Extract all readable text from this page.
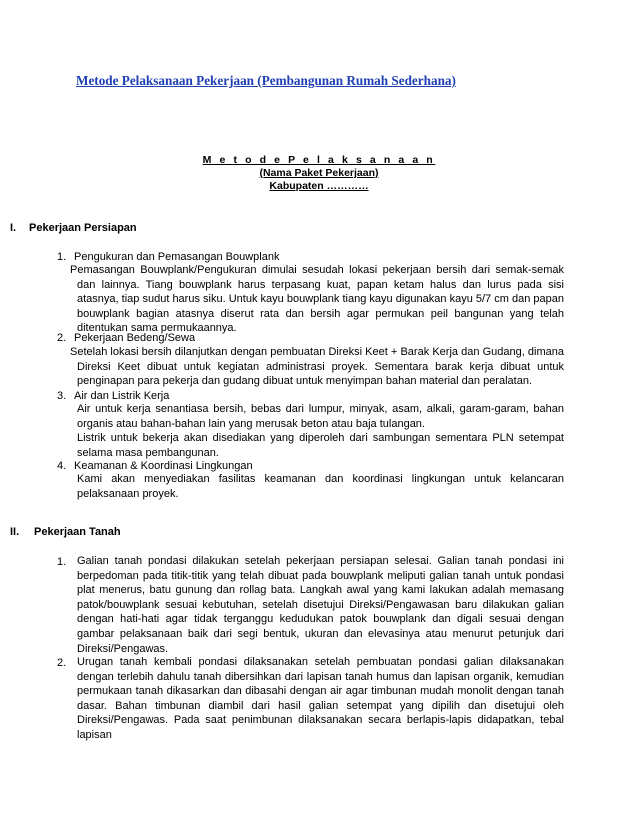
Metode Pelaksanaan Pekerjaan (Pembangunan Rumah Sederhana)
M e t o d e P e l a k s a n a a n
(Nama Paket Pekerjaan)
Kabupaten …………
I. Pekerjaan Persiapan
1. Pengukuran dan Pemasangan Bouwplank
Pemasangan Bouwplank/Pengukuran dimulai sesudah lokasi pekerjaan bersih dari semak-semak dan lainnya. Tiang bouwplank harus terpasang kuat, papan ketam halus dan lurus pada sisi atasnya, tiap sudut harus siku. Untuk kayu bouwplank tiang kayu digunakan kayu 5/7 cm dan papan bouwplank bagian atasnya diserut rata dan bersih agar permukan peil bangunan yang telah ditentukan sama permukaannya.
2. Pekerjaan Bedeng/Sewa
Setelah lokasi bersih dilanjutkan dengan pembuatan Direksi Keet + Barak Kerja dan Gudang, dimana Direksi Keet dibuat untuk kegiatan administrasi proyek. Sementara barak kerja dibuat untuk penginapan para pekerja dan gudang dibuat untuk menyimpan bahan material dan peralatan.
3. Air dan Listrik Kerja
Air untuk kerja senantiasa bersih, bebas dari lumpur, minyak, asam, alkali, garam-garam, bahan organis atau bahan-bahan lain yang merusak beton atau baja tulangan.
Listrik untuk bekerja akan disediakan yang diperoleh dari sambungan sementara PLN setempat selama masa pembangunan.
4. Keamanan & Koordinasi Lingkungan
Kami akan menyediakan fasilitas keamanan dan koordinasi lingkungan untuk kelancaran pelaksanaan proyek.
II. Pekerjaan Tanah
1. Galian tanah pondasi dilakukan setelah pekerjaan persiapan selesai. Galian tanah pondasi ini berpedoman pada titik-titik yang telah dibuat pada bouwplank meliputi galian tanah untuk pondasi plat menerus, batu gunung dan rollag bata. Langkah awal yang kami lakukan adalah memasang patok/bouwplank sesuai kebutuhan, setelah disetujui Direksi/Pengawasan baru dilakukan galian dengan hati-hati agar tidak terganggu kedudukan patok bouwplank dan digali sesuai dengan gambar pelaksanaan baik dari segi bentuk, ukuran dan elevasinya atau menurut petunjuk dari Direksi/Pengawas.
2. Urugan tanah kembali pondasi dilaksanakan setelah pembuatan pondasi galian dilaksanakan dengan terlebih dahulu tanah dibersihkan dari lapisan tanah humus dan lapisan organik, kemudian permukaan tanah dikasarkan dan dibasahi dengan air agar timbunan mudah monolit dengan tanah dasar. Bahan timbunan diambil dari hasil galian setempat yang dipilih dan disetujui oleh Direksi/Pengawas. Pada saat penimbunan dilaksanakan secara berlapis-lapis didapatkan, tebal lapisan
